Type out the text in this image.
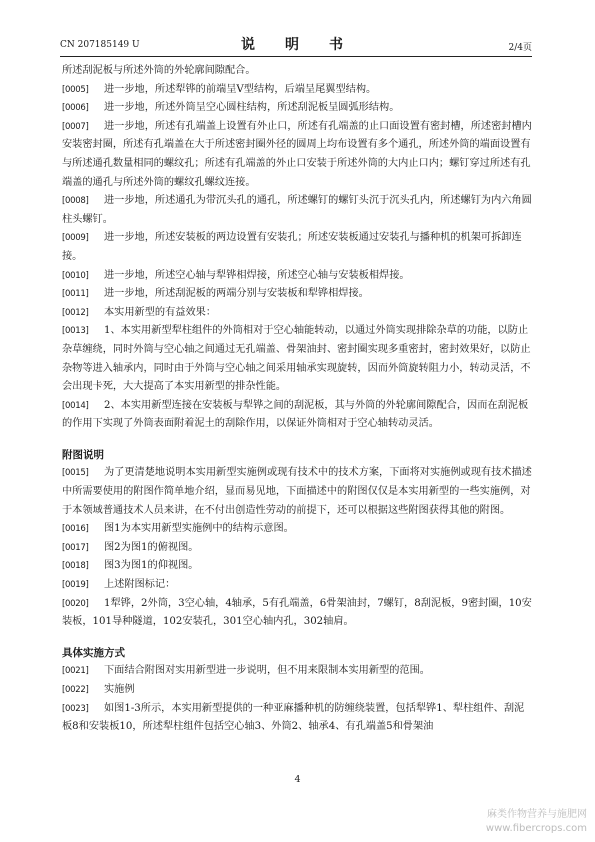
CN 207185149 U	说　明　书	2/4页

所述刮泥板与所述外筒的外轮廓间隙配合。

[0005] 进一步地，所述犁铧的前端呈V型结构，后端呈尾翼型结构。

[0006] 进一步地，所述外筒呈空心圆柱结构，所述刮泥板呈圆弧形结构。

[0007] 进一步地，所述有孔端盖上设置有外止口，所述有孔端盖的止口面设置有密封槽，所述密封槽内安装密封圈，所述有孔端盖在大于所述密封圈外径的圆周上均布设置有多个通孔，所述外筒的端面设置有与所述通孔数量相同的螺纹孔；所述有孔端盖的外止口安装于所述外筒的大内止口内；螺钉穿过所述有孔端盖的通孔与所述外筒的螺纹孔螺纹连接。

[0008] 进一步地，所述通孔为带沉头孔的通孔，所述螺钉的螺钉头沉于沉头孔内，所述螺钉为内六角圆柱头螺钉。

[0009] 进一步地，所述安装板的两边设置有安装孔；所述安装板通过安装孔与播种机的机架可拆卸连接。

[0010] 进一步地，所述空心轴与犁铧相焊接，所述空心轴与安装板相焊接。

[0011] 进一步地，所述刮泥板的两端分别与安装板和犁铧相焊接。

[0012] 本实用新型的有益效果：

[0013] 1、本实用新型犁柱组件的外筒相对于空心轴能转动，以通过外筒实现排除杂草的功能，以防止杂草缠绕，同时外筒与空心轴之间通过无孔端盖、骨架油封、密封圈实现多重密封，密封效果好，以防止杂物等进入轴承内，同时由于外筒与空心轴之间采用轴承实现旋转，因而外筒旋转阻力小，转动灵活，不会出现卡死，大大提高了本实用新型的排杂性能。

[0014] 2、本实用新型连接在安装板与犁铧之间的刮泥板，其与外筒的外轮廓间隙配合，因而在刮泥板的作用下实现了外筒表面附着泥土的刮除作用，以保证外筒相对于空心轴转动灵活。

附图说明

[0015] 为了更清楚地说明本实用新型实施例或现有技术中的技术方案，下面将对实施例或现有技术描述中所需要使用的附图作简单地介绍，显而易见地，下面描述中的附图仅仅是本实用新型的一些实施例，对于本领域普通技术人员来讲，在不付出创造性劳动的前提下，还可以根据这些附图获得其他的附图。

[0016] 图1为本实用新型实施例中的结构示意图。

[0017] 图2为图1的俯视图。

[0018] 图3为图1的仰视图。

[0019] 上述附图标记：

[0020] 1犁铧，2外筒，3空心轴，4轴承，5有孔端盖，6骨架油封，7螺钉，8刮泥板，9密封圈，10安装板，101导种隧道，102安装孔，301空心轴内孔，302轴肩。

具体实施方式

[0021] 下面结合附图对实用新型进一步说明，但不用来限制本实用新型的范围。

[0022] 实施例

[0023] 如图1-3所示，本实用新型提供的一种亚麻播种机的防缠绕装置，包括犁铧1、犁柱组件、刮泥板8和安装板10，所述犁柱组件包括空心轴3、外筒2、轴承4、有孔端盖5和骨架油

4
麻类作物营养与施肥网
www.fibercrops.com
